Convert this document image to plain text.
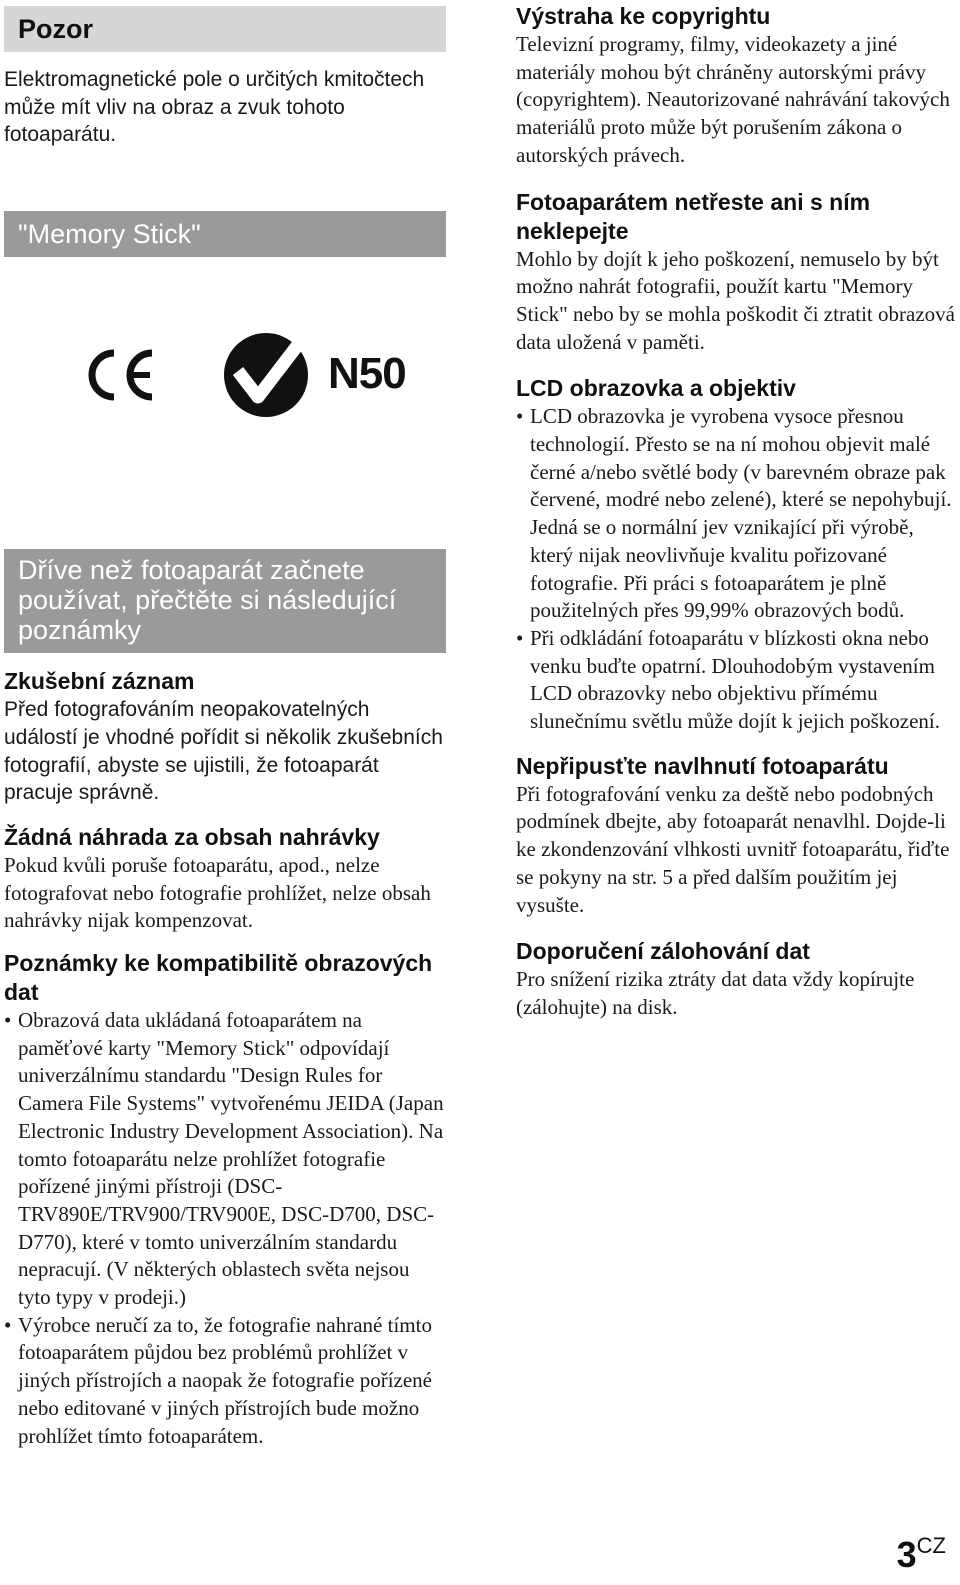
Pozor

Elektromagnetické pole o určitých kmitočtech může mít vliv na obraz a zvuk tohoto fotoaparátu.

"Memory Stick"
N50
Dříve než fotoaparát začnete používat, přečtěte si následující poznámky
Zkušební záznam

Před fotografováním neopakovatelných událostí je vhodné pořídit si několik zkušebních fotografií, abyste se ujistili, že fotoaparát pracuje správně.

Žádná náhrada za obsah nahrávky

Pokud kvůli poruše fotoaparátu, apod., nelze fotografovat nebo fotografie prohlížet, nelze obsah nahrávky nijak kompenzovat.

Poznámky ke kompatibilitě obrazových dat
• Obrazová data ukládaná fotoaparátem na paměťové karty "Memory Stick" odpovídají univerzálnímu standardu "Design Rules for Camera File Systems" vytvořenému JEIDA (Japan Electronic Industry Development Association). Na tomto fotoaparátu nelze prohlížet fotografie pořízené jinými přístroji (DSC-TRV890E/TRV900/TRV900E, DSC-D700, DSC-D770), které v tomto univerzálním standardu nepracují. (V některých oblastech světa nejsou tyto typy v prodeji.)
• Výrobce neručí za to, že fotografie nahrané tímto fotoaparátem půjdou bez problémů prohlížet v jiných přístrojích a naopak že fotografie pořízené nebo editované v jiných přístrojích bude možno prohlížet tímto fotoaparátem.
Výstraha ke copyrightu

Televizní programy, filmy, videokazety a jiné materiály mohou být chráněny autorskými právy (copyrightem). Neautorizované nahrávání takových materiálů proto může být porušením zákona o autorských právech.

Fotoaparátem netřeste ani s ním neklepejte

Mohlo by dojít k jeho poškození, nemuselo by být možno nahrát fotografii, použít kartu "Memory Stick" nebo by se mohla poškodit či ztratit obrazová data uložená v paměti.

LCD obrazovka a objektiv
• LCD obrazovka je vyrobena vysoce přesnou technologií. Přesto se na ní mohou objevit malé černé a/nebo světlé body (v barevném obraze pak červené, modré nebo zelené), které se nepohybují. Jedná se o normální jev vznikající při výrobě, který nijak neovlivňuje kvalitu pořizované fotografie. Při práci s fotoaparátem je plně použitelných přes 99,99% obrazových bodů.
• Při odkládání fotoaparátu v blízkosti okna nebo venku buďte opatrní. Dlouhodobým vystavením LCD obrazovky nebo objektivu přímému slunečnímu světlu může dojít k jejich poškození.
Nepřipusťte navlhnutí fotoaparátu

Při fotografování venku za deště nebo podobných podmínek dbejte, aby fotoaparát nenavlhl. Dojde-li ke zkondenzování vlhkosti uvnitř fotoaparátu, řiďte se pokyny na str. 5 a před dalším použitím jej vysušte.

Doporučení zálohování dat

Pro snížení rizika ztráty dat data vždy kopírujte (zálohujte) na disk.

3CZ
